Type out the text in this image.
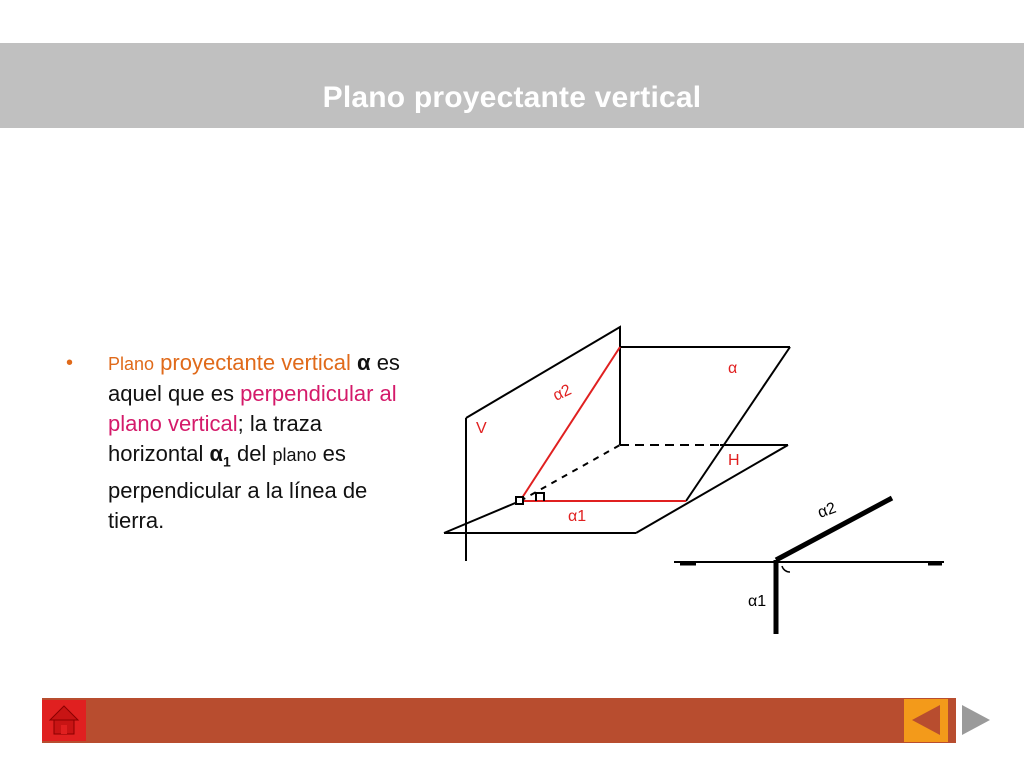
Plano proyectante vertical
• Plano proyectante vertical α es aquel que es perpendicular al plano vertical; la traza horizontal $\alpha_1$ del plano es perpendicular a la línea de tierra.
V
H
α
α2
α1	α2
α1
